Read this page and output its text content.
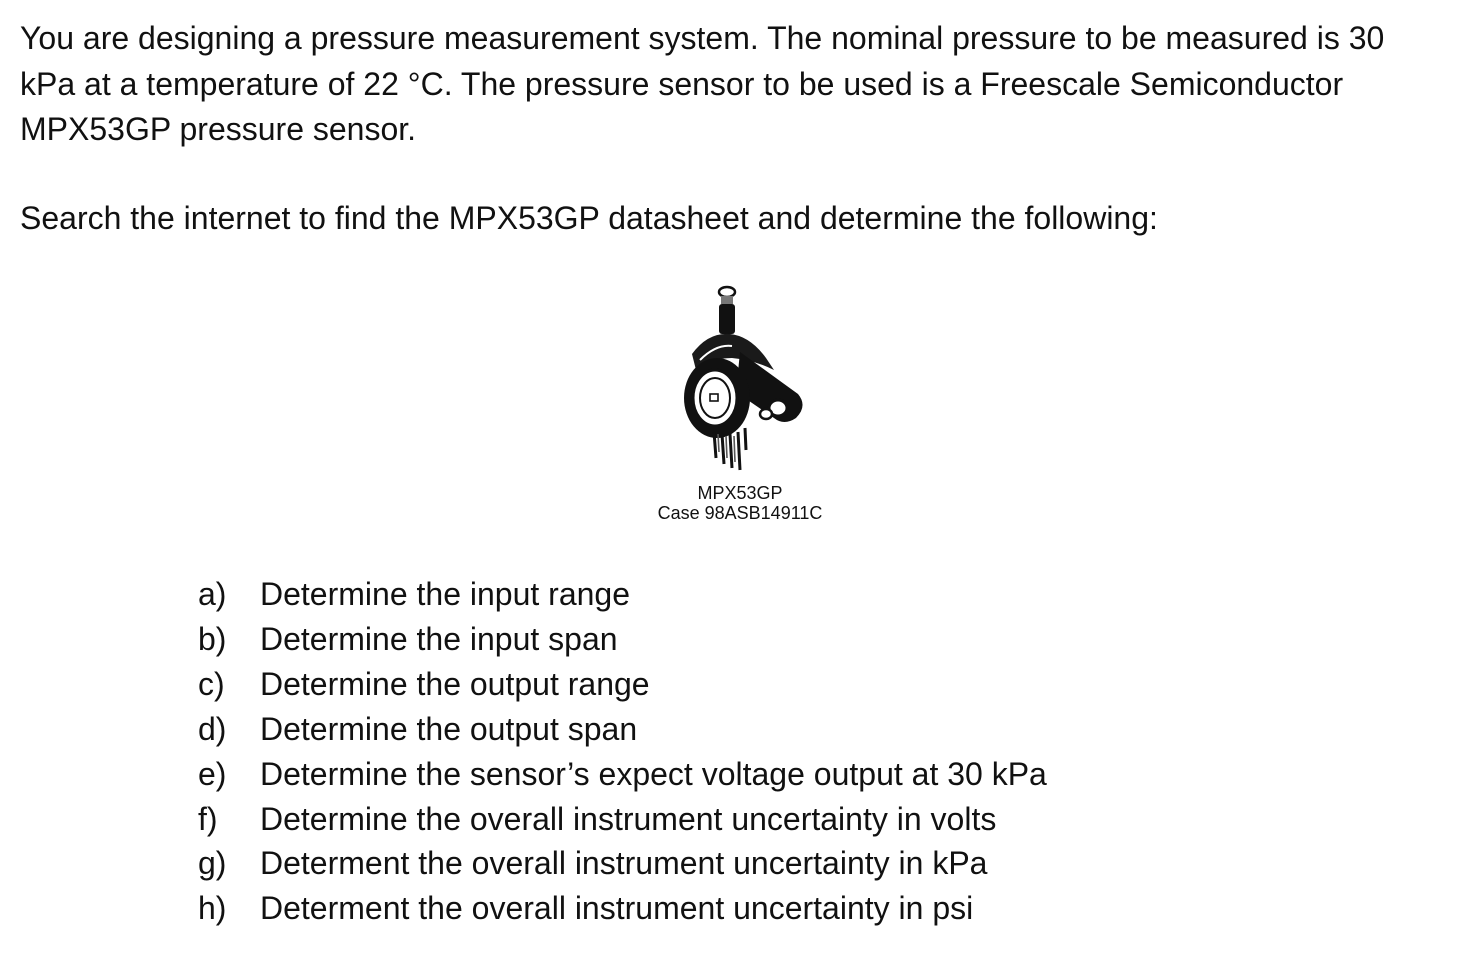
You are designing a pressure measurement system. The nominal pressure to be measured is 30
kPa at a temperature of 22 °C. The pressure sensor to be used is a Freescale Semiconductor
MPX53GP pressure sensor.

Search the internet to find the MPX53GP datasheet and determine the following:

MPX53GP
Case 98ASB14911C
a) Determine the input range
b) Determine the input span
c) Determine the output range
d) Determine the output span
e) Determine the sensor’s expect voltage output at 30 kPa
f) Determine the overall instrument uncertainty in volts
g) Determent the overall instrument uncertainty in kPa
h) Determent the overall instrument uncertainty in psi
